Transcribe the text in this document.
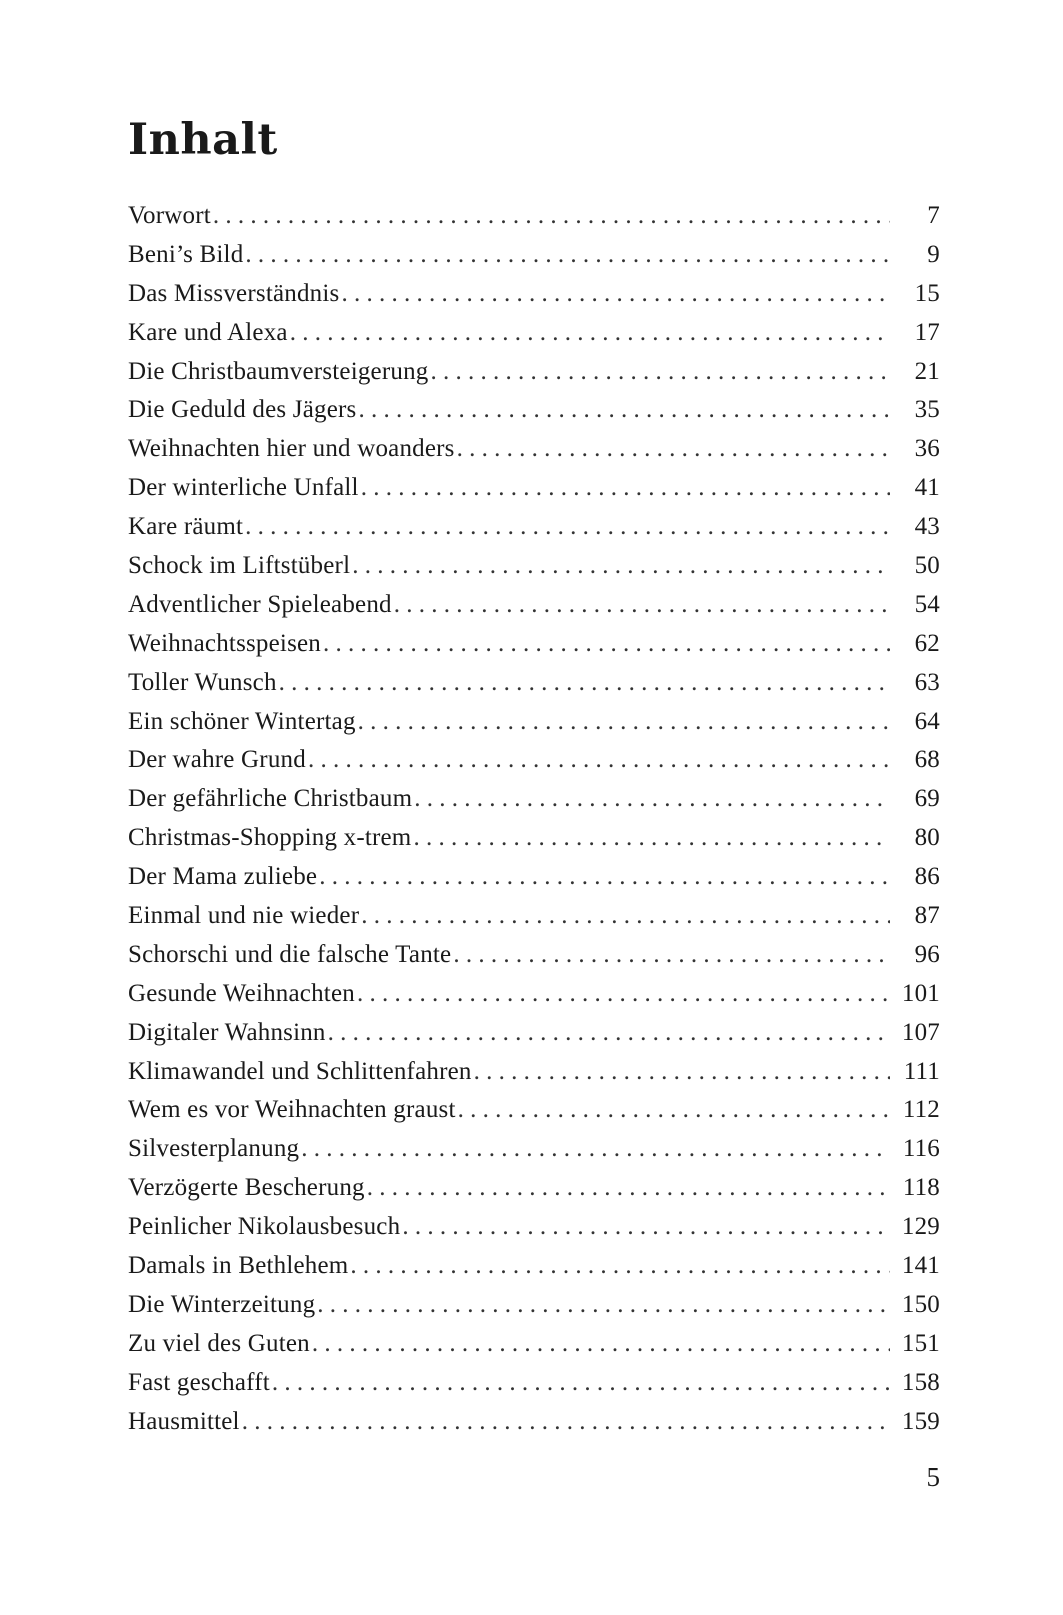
Inhalt
Vorwort . . .	7
Beni’s Bild . . .	9
Das Missverständnis . . .	15
Kare und Alexa . . .	17
Die Christbaumversteigerung . . .	21
Die Geduld des Jägers . . .	35
Weihnachten hier und woanders . . .	36
Der winterliche Unfall . . .	41
Kare räumt . . .	43
Schock im Liftstüberl . . .	50
Adventlicher Spieleabend . . .	54
Weihnachtsspeisen . . .	62
Toller Wunsch . . .	63
Ein schöner Wintertag . . .	64
Der wahre Grund . . .	68
Der gefährliche Christbaum . . .	69
Christmas-Shopping x-trem . . .	80
Der Mama zuliebe . . .	86
Einmal und nie wieder . . .	87
Schorschi und die falsche Tante . . .	96
Gesunde Weihnachten . . .	101
Digitaler Wahnsinn . . .	107
Klimawandel und Schlittenfahren . . .	111
Wem es vor Weihnachten graust . . .	112
Silvesterplanung . . .	116
Verzögerte Bescherung . . .	118
Peinlicher Nikolausbesuch . . .	129
Damals in Bethlehem . . .	141
Die Winterzeitung . . .	150
Zu viel des Guten . . .	151
Fast geschafft . . .	158
Hausmittel . . .	159
5
